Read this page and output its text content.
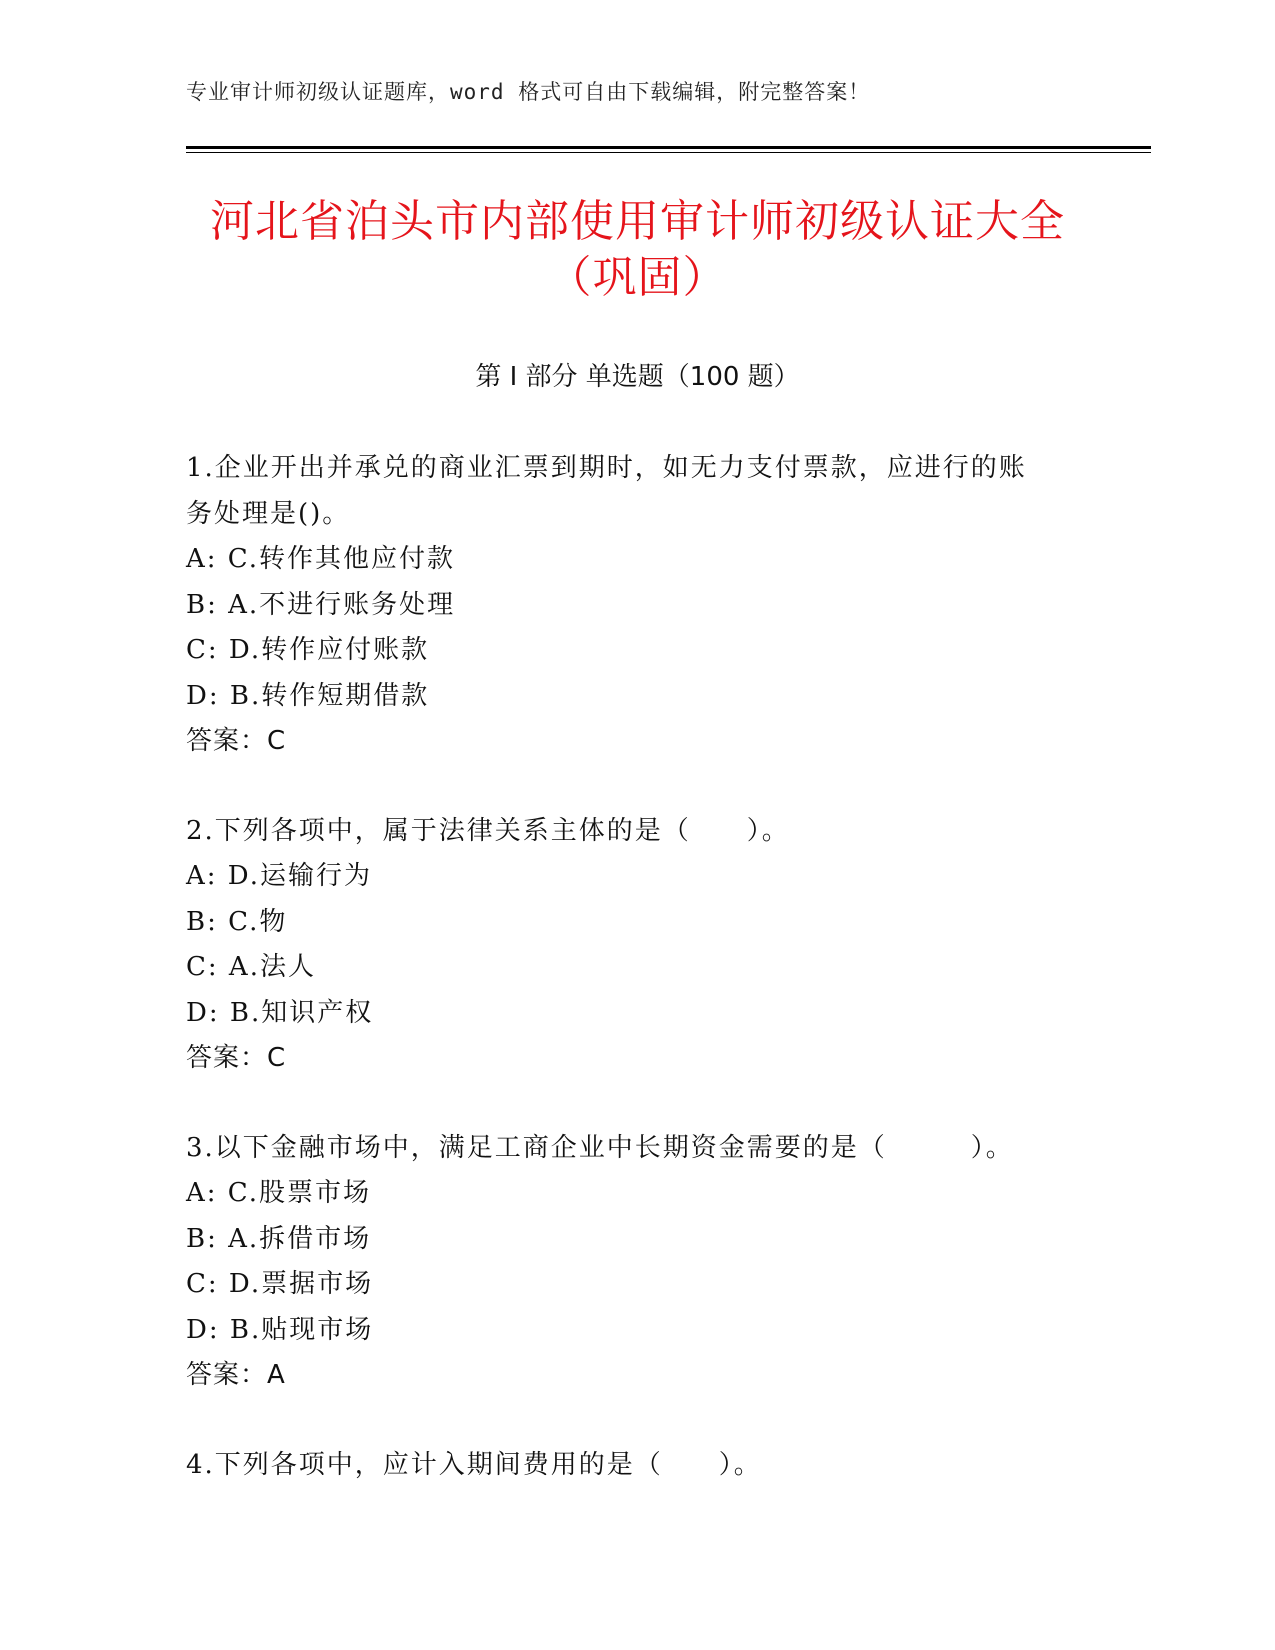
专业审计师初级认证题库，word 格式可自由下载编辑，附完整答案！
河北省泊头市内部使用审计师初级认证大全
（巩固）
第 I 部分 单选题（100 题）
1.企业开出并承兑的商业汇票到期时，如无力支付票款，应进行的账
务处理是()。
A: C.转作其他应付款
B: A.不进行账务处理
C: D.转作应付账款
D: B.转作短期借款
答案：C
2.下列各项中，属于法律关系主体的是（　　）。
A: D.运输行为
B: C.物
C: A.法人
D: B.知识产权
答案：C
3.以下金融市场中，满足工商企业中长期资金需要的是（　　　）。
A: C.股票市场
B: A.拆借市场
C: D.票据市场
D: B.贴现市场
答案：A
4.下列各项中，应计入期间费用的是（　　）。
